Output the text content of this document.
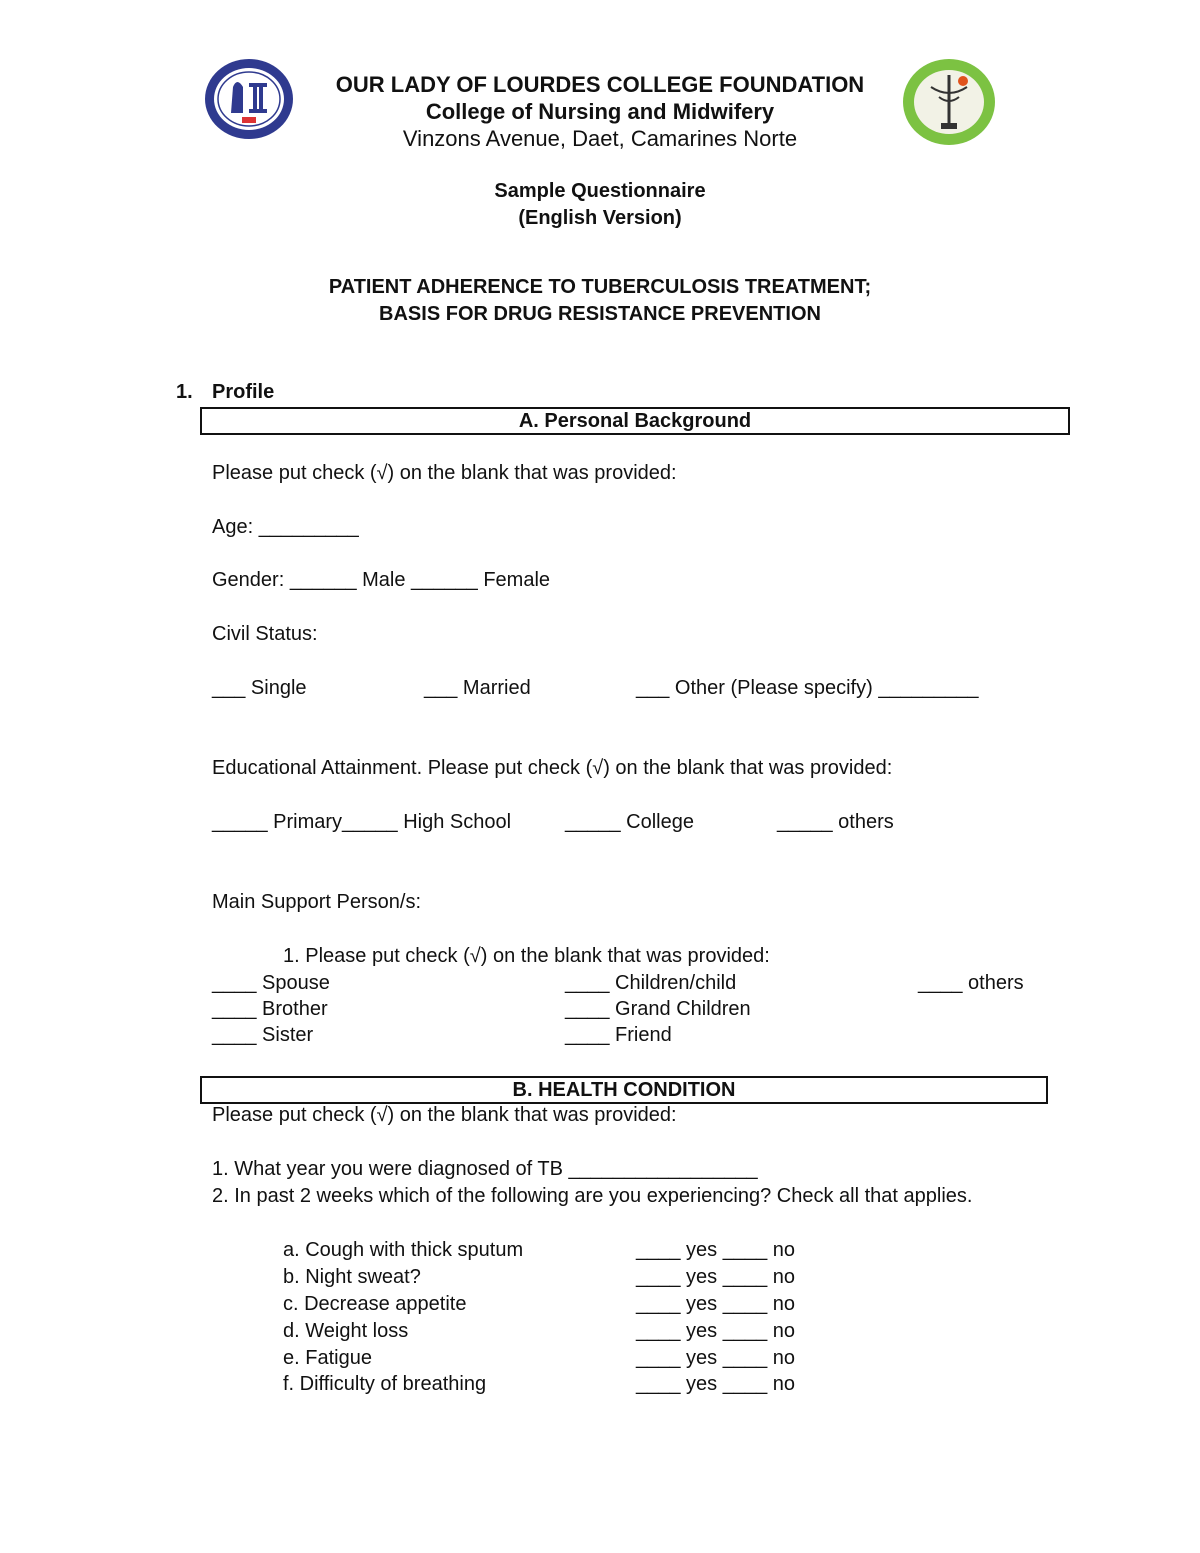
OUR LADY OF LOURDES COLLEGE FOUNDATION
College of Nursing and Midwifery
Vinzons Avenue, Daet, Camarines Norte
Sample Questionnaire
(English Version)
PATIENT ADHERENCE TO TUBERCULOSIS TREATMENT;
BASIS FOR DRUG RESISTANCE PREVENTION
1. Profile
A. Personal Background
Please put check (√) on the blank that was provided:
Age: _________
Gender: ______ Male ______ Female
Civil Status:
___ Single	___ Married	___ Other (Please specify) _________
Educational Attainment. Please put check (√) on the blank that was provided:
_____ Primary_____ High School	_____ College	_____ others
Main Support Person/s:
1. Please put check (√) on the blank that was provided:
____ Spouse
____ Brother
____ Sister
____ Children/child
____ Grand Children
____ Friend
____ others
B. HEALTH CONDITION
Please put check (√) on the blank that was provided:
1. What year you were diagnosed of TB _________________
2. In past 2 weeks which of the following are you experiencing? Check all that applies.
a. Cough with thick sputum	____ yes ____ no
b. Night sweat?	____ yes ____ no
c. Decrease appetite	____ yes ____ no
d. Weight loss	____ yes ____ no
e. Fatigue	____ yes ____ no
f. Difficulty of breathing	____ yes ____ no
